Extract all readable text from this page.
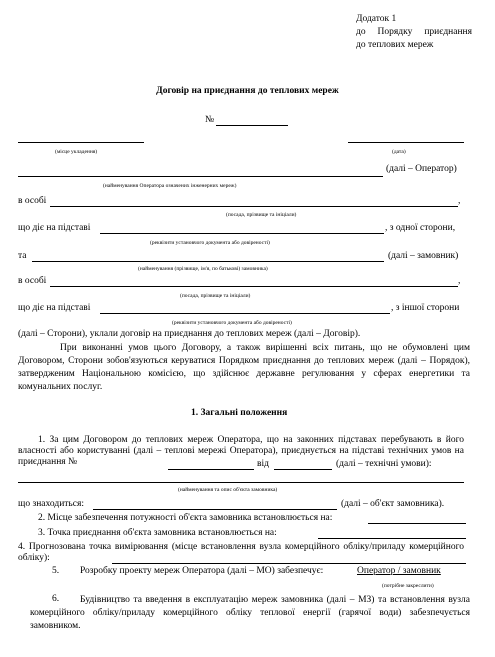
Додаток 1
до Порядку приєднання
до теплових мереж
Договір на приєднання до теплових мереж
№
(місце укладення)	(дата)
(далі – Оператор)
(найменування Оператора означених інженерних мереж)
в особі	,
(посада, прізвище та ініціали)
що діє на підставі	, з одної сторони,
(реквізити установчого документа або довіреності)
та	(далі – замовник)
(найменування (прізвище, ім'я, по батькові) замовника)
в особі	,
(посада, прізвище та ініціали)
що діє на підставі	, з іншої сторони
(реквізити установчого документа або довіреності)
(далі – Сторони), уклали договір на приєднання до теплових мереж (далі – Договір).
При виконанні умов цього Договору, а також вирішенні всіх питань, що не обумовлені цим Договором, Сторони зобов'язуються керуватися Порядком приєднання до теплових мереж (далі – Порядок), затвердженим Національною комісією, що здійснює державне регулювання у сферах енергетики та комунальних послуг.
1. Загальні положення
1. За цим Договором до теплових мереж Оператора, що на законних підставах перебувають в його власності або користуванні (далі – теплові мережі Оператора), приєднується на підставі технічних умов на приєднання №	від	(далі – технічні умови):
(найменування та опис об'єкта замовника)
що знаходиться:	(далі – об'єкт замовника).
2. Місце забезпечення потужності об'єкта замовника встановлюється на:
3. Точка приєднання об'єкта замовника встановлюється на:
4. Прогнозована точка вимірювання (місце встановлення вузла комерційного обліку/приладу комерційного обліку):
5. Розробку проекту мереж Оператора (далі – МО) забезпечує:	Оператор / замовник
(потрібне закреслити)
6.	Будівництво та введення в експлуатацію мереж замовника (далі – МЗ) та встановлення вузла комерційного обліку/приладу комерційного обліку теплової енергії (гарячої води) забезпечується замовником.
